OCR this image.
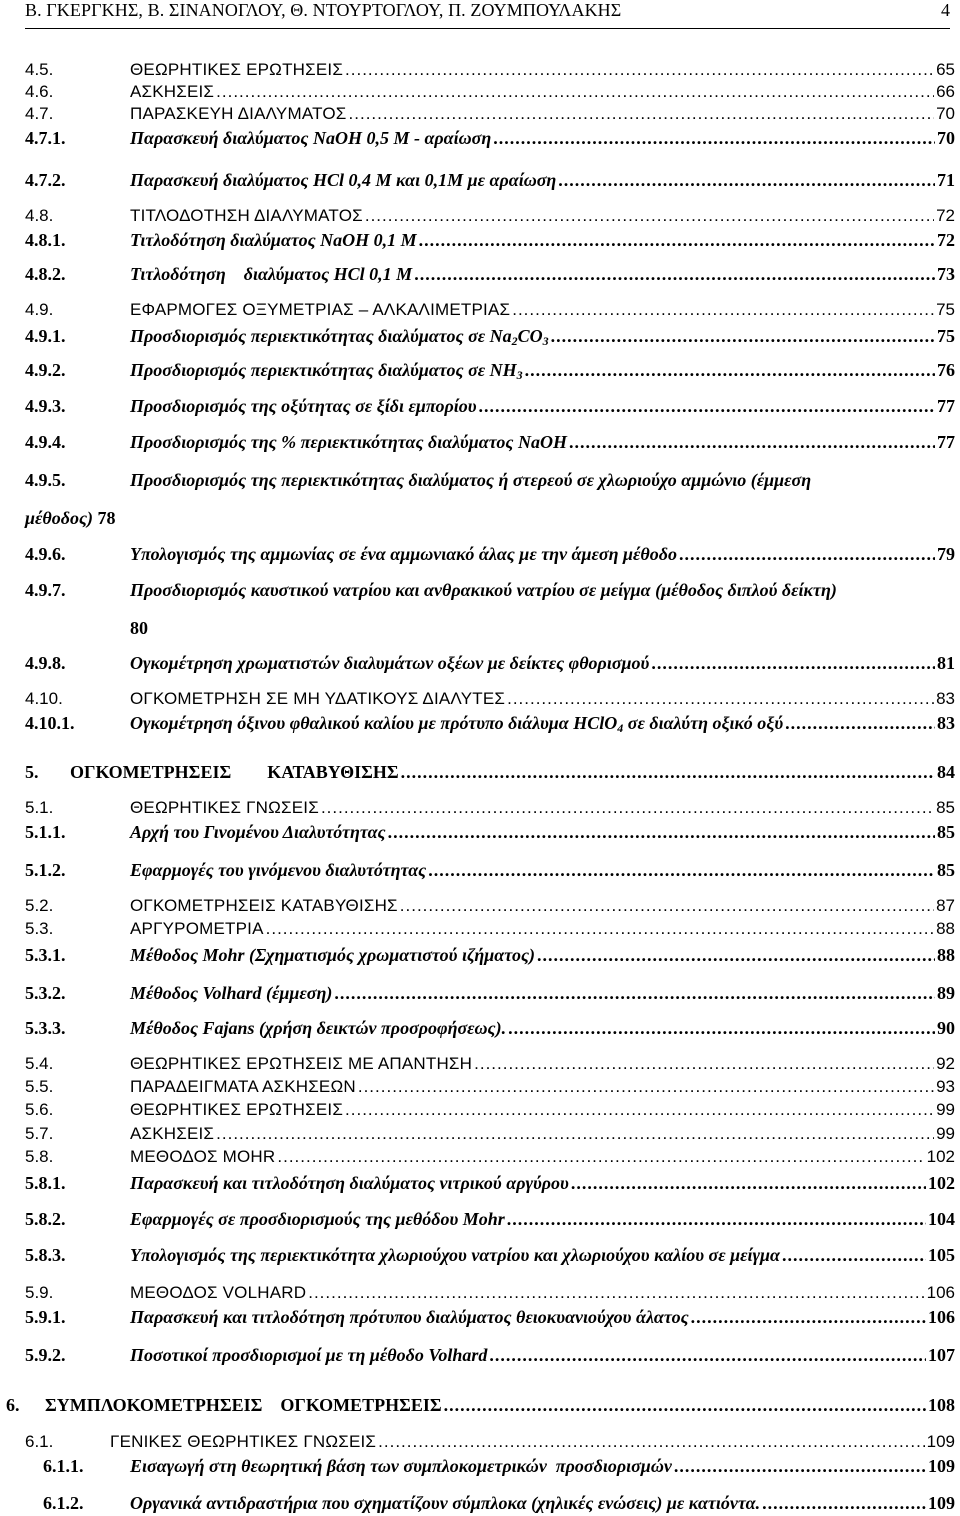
Β. ΓΚΕΡΓΚΗΣ, Β. ΣΙΝΑΝΟΓΛΟΥ, Θ. ΝΤΟΥΡΤΟΓΛΟΥ, Π. ΖΟΥΜΠΟΥΛΑΚΗΣ	4
4.5.	ΘΕΩΡΗΤΙΚΕΣ ΕΡΩΤΗΣΕΙΣ .....	65
4.6.	ΑΣΚΗΣΕΙΣ .....	66
4.7.	ΠΑΡΑΣΚΕΥΗ ΔΙΑΛΥΜΑΤΟΣ .....	70
4.7.1.	Παρασκευή διαλύματος NaOH 0,5 M - αραίωση .....	70
4.7.2.	Παρασκευή διαλύματος HCl 0,4 M και 0,1M με αραίωση .....	71
4.8.	ΤΙΤΛΟΔΟΤΗΣΗ ΔΙΑΛΥΜΑΤΟΣ .....	72
4.8.1.	Τιτλοδότηση διαλύματος NaOH 0,1 M .....	72
4.8.2.	Τιτλοδότηση    διαλύματος HCl 0,1 M .....	73
4.9.	ΕΦΑΡΜΟΓΕΣ ΟΞΥΜΕΤΡΙΑΣ – ΑΛΚΑΛΙΜΕΤΡΙΑΣ .....	75
4.9.1.	Προσδιορισμός περιεκτικότητας διαλύματος σε $Na_2CO_3$ .....	75
4.9.2.	Προσδιορισμός περιεκτικότητας διαλύματος σε $NH_3$ .....	76
4.9.3.	Προσδιορισμός της οξύτητας σε ξίδι εμπορίου .....	77
4.9.4.	Προσδιορισμός της % περιεκτικότητας διαλύματος NaOH .....	77
4.9.5.	Προσδιορισμός της περιεκτικότητας διαλύματος ή στερεού σε χλωριούχο αμμώνιο (έμμεση
μέθοδος) 78
4.9.6.	Υπολογισμός της αμμωνίας σε ένα αμμωνιακό άλας με την άμεση μέθοδο .....	79
4.9.7.	Προσδιορισμός καυστικού νατρίου και ανθρακικού νατρίου σε μείγμα (μέθοδος διπλού δείκτη)
80
4.9.8.	Ογκομέτρηση χρωματιστών διαλυμάτων οξέων με δείκτες φθορισμού .....	81
4.10.	ΟΓΚΟΜΕΤΡΗΣΗ ΣΕ ΜΗ ΥΔΑΤΙΚΟΥΣ ΔΙΑΛΥΤΕΣ .....	83
4.10.1.	Ογκομέτρηση όξινου φθαλικού καλίου με πρότυπο διάλυμα HClO$_4$ σε διαλύτη οξικό οξύ .....	83
5.	ΟΓΚΟΜΕΤΡΗΣΕΙΣ        ΚΑΤΑΒΥΘΙΣΗΣ .....	84
5.1.	ΘΕΩΡΗΤΙΚΕΣ ΓΝΩΣΕΙΣ .....	85
5.1.1.	Αρχή του Γινομένου Διαλυτότητας .....	85
5.1.2.	Εφαρμογές του γινόμενου διαλυτότητας .....	85
5.2.	ΟΓΚΟΜΕΤΡΗΣΕΙΣ ΚΑΤΑΒΥΘΙΣΗΣ .....	87
5.3.	ΑΡΓΥΡΟΜΕΤΡΙΑ .....	88
5.3.1.	Μέθοδος Mohr (Σχηματισμός χρωματιστού ιζήματος) .....	88
5.3.2.	Μέθοδος Volhard (έμμεση) .....	89
5.3.3.	Μέθοδος Fajans (χρήση δεικτών προσροφήσεως). .....	90
5.4.	ΘΕΩΡΗΤΙΚΕΣ ΕΡΩΤΗΣΕΙΣ ΜΕ ΑΠΑΝΤΗΣΗ .....	92
5.5.	ΠΑΡΑΔΕΙΓΜΑΤΑ ΑΣΚΗΣΕΩΝ .....	93
5.6.	ΘΕΩΡΗΤΙΚΕΣ ΕΡΩΤΗΣΕΙΣ .....	99
5.7.	ΑΣΚΗΣΕΙΣ .....	99
5.8.	ΜΕΘΟΔΟΣ MOHR .....	102
5.8.1.	Παρασκευή και τιτλοδότηση διαλύματος νιτρικού αργύρου .....	102
5.8.2.	Εφαρμογές σε προσδιορισμούς της μεθόδου Mohr .....	104
5.8.3.	Υπολογισμός της περιεκτικότητα χλωριούχου νατρίου και χλωριούχου καλίου σε μείγμα .....	105
5.9.	ΜΕΘΟΔΟΣ VOLHARD .....	106
5.9.1.	Παρασκευή και τιτλοδότηση πρότυπου διαλύματος θειοκυανιούχου άλατος .....	106
5.9.2.	Ποσοτικοί προσδιορισμοί με τη μέθοδο Volhard .....	107
6.	ΣΥΜΠΛΟΚΟΜΕΤΡΗΣΕΙΣ    ΟΓΚΟΜΕΤΡΗΣΕΙΣ .....	108
6.1.	ΓΕΝΙΚΕΣ ΘΕΩΡΗΤΙΚΕΣ ΓΝΩΣΕΙΣ .....	109
6.1.1.	Εισαγωγή στη θεωρητική βάση των συμπλοκομετρικών  προσδιορισμών .....	109
6.1.2.	Οργανικά αντιδραστήρια που σχηματίζουν σύμπλοκα (χηλικές ενώσεις) με κατιόντα. .....	109
